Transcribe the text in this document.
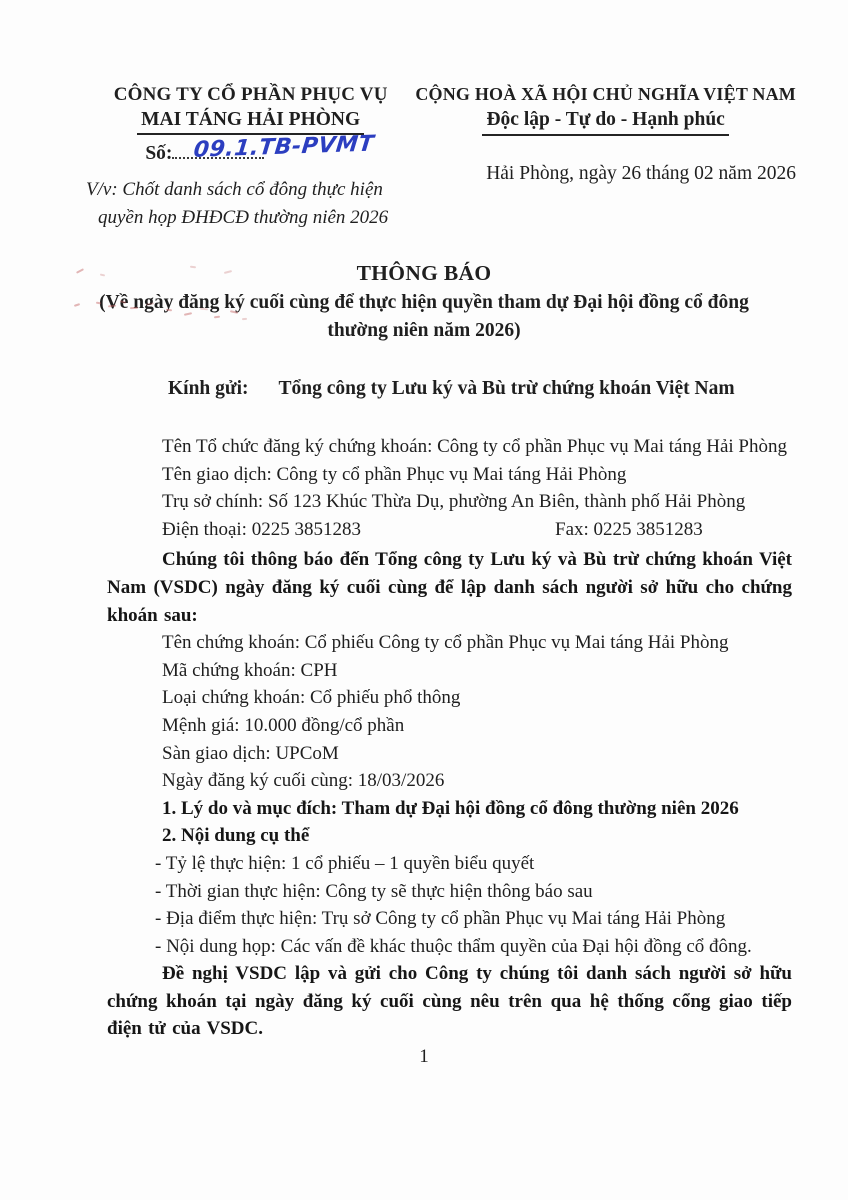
CÔNG TY CỔ PHẦN PHỤC VỤ
MAI TÁNG HẢI PHÒNG
Số: 09.1.TB-PVMT
V/v: Chốt danh sách cổ đông thực hiện
quyền họp ĐHĐCĐ thường niên 2026
CỘNG HOÀ XÃ HỘI CHỦ NGHĨA VIỆT NAM
Độc lập - Tự do - Hạnh phúc
Hải Phòng, ngày 26 tháng 02 năm 2026
THÔNG BÁO
(Về ngày đăng ký cuối cùng để thực hiện quyền tham dự Đại hội đồng cổ đông
thường niên năm 2026)
Kính gửi: Tổng công ty Lưu ký và Bù trừ chứng khoán Việt Nam
Tên Tổ chức đăng ký chứng khoán: Công ty cổ phần Phục vụ Mai táng Hải Phòng
Tên giao dịch: Công ty cổ phần Phục vụ Mai táng Hải Phòng
Trụ sở chính: Số 123 Khúc Thừa Dụ, phường An Biên, thành phố Hải Phòng
Điện thoại: 0225 3851283	Fax: 0225 3851283
Chúng tôi thông báo đến Tổng công ty Lưu ký và Bù trừ chứng khoán Việt Nam (VSDC) ngày đăng ký cuối cùng để lập danh sách người sở hữu cho chứng khoán sau:
Tên chứng khoán: Cổ phiếu Công ty cổ phần Phục vụ Mai táng Hải Phòng
Mã chứng khoán: CPH
Loại chứng khoán: Cổ phiếu phổ thông
Mệnh giá: 10.000 đồng/cổ phần
Sàn giao dịch: UPCoM
Ngày đăng ký cuối cùng: 18/03/2026
1. Lý do và mục đích: Tham dự Đại hội đồng cổ đông thường niên 2026
2. Nội dung cụ thể
- Tỷ lệ thực hiện: 1 cổ phiếu – 1 quyền biểu quyết
- Thời gian thực hiện: Công ty sẽ thực hiện thông báo sau
- Địa điểm thực hiện: Trụ sở Công ty cổ phần Phục vụ Mai táng Hải Phòng
- Nội dung họp: Các vấn đề khác thuộc thẩm quyền của Đại hội đồng cổ đông.
Đề nghị VSDC lập và gửi cho Công ty chúng tôi danh sách người sở hữu chứng khoán tại ngày đăng ký cuối cùng nêu trên qua hệ thống cổng giao tiếp điện tử của VSDC.
1
